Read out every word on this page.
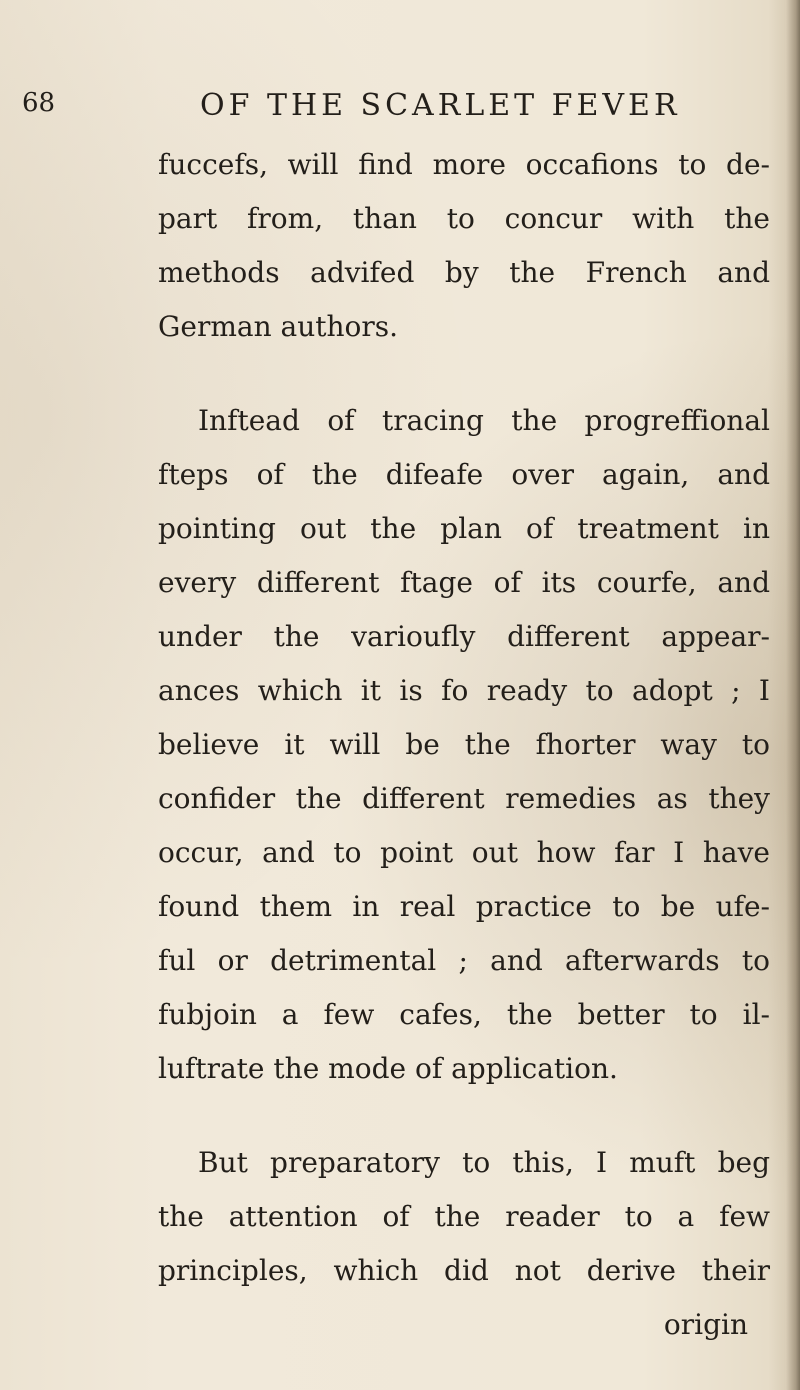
68	OF THE SCARLET FEVER
fuccefs, will find more occafions to de-
part from, than to concur with the
methods advifed by the French and
German authors.
Inftead of tracing the progreffional
fteps of the difeafe over again, and
pointing out the plan of treatment in
every different ftage of its courfe, and
under the varioufly different appear-
ances which it is fo ready to adopt ; I
believe it will be the fhorter way to
confider the different remedies as they
occur, and to point out how far I have
found them in real practice to be ufe-
ful or detrimental ; and afterwards to
fubjoin a few cafes, the better to il-
luftrate the mode of application.
But preparatory to this, I muft beg
the attention of the reader to a few
principles, which did not derive their
origin
